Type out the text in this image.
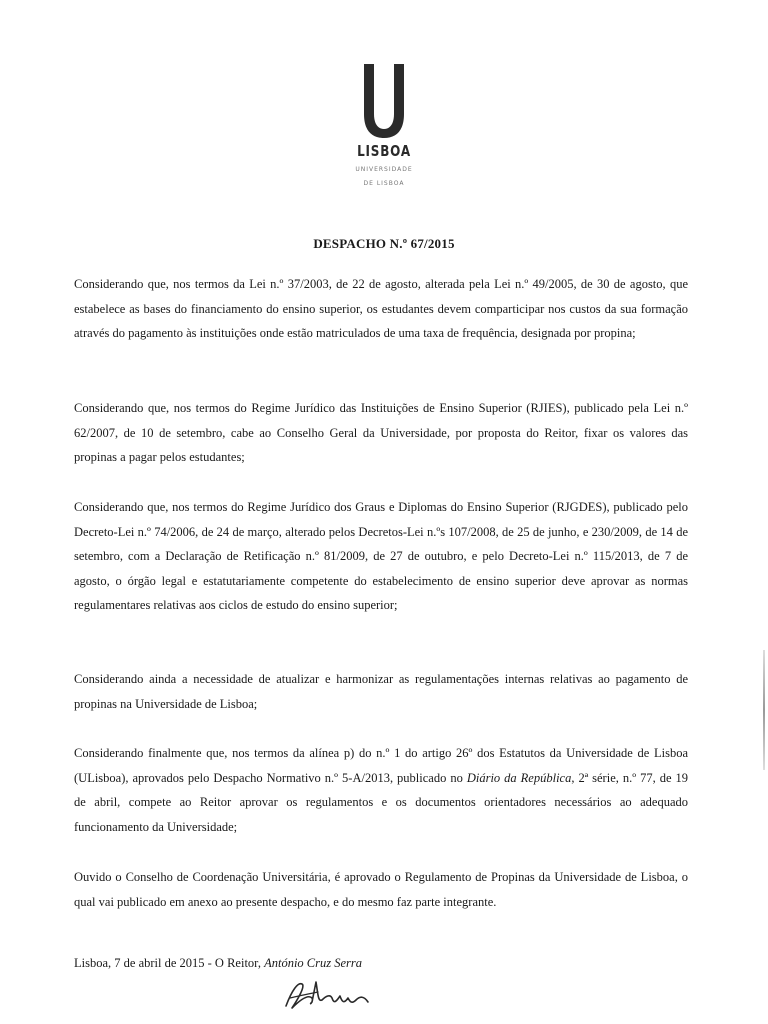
LISBOA
UNIVERSIDADE
DE LISBOA
DESPACHO N.º 67/2015
Considerando que, nos termos da Lei n.º 37/2003, de 22 de agosto, alterada pela Lei n.º 49/2005, de 30 de agosto, que estabelece as bases do financiamento do ensino superior, os estudantes devem comparticipar nos custos da sua formação através do pagamento às instituições onde estão matriculados de uma taxa de frequência, designada por propina;
Considerando que, nos termos do Regime Jurídico das Instituições de Ensino Superior (RJIES), publicado pela Lei n.º 62/2007, de 10 de setembro, cabe ao Conselho Geral da Universidade, por proposta do Reitor, fixar os valores das propinas a pagar pelos estudantes;
Considerando que, nos termos do Regime Jurídico dos Graus e Diplomas do Ensino Superior (RJGDES), publicado pelo Decreto-Lei n.º 74/2006, de 24 de março, alterado pelos Decretos-Lei n.ºs 107/2008, de 25 de junho, e 230/2009, de 14 de setembro, com a Declaração de Retificação n.º 81/2009, de 27 de outubro, e pelo Decreto-Lei n.º 115/2013, de 7 de agosto, o órgão legal e estatutariamente competente do estabelecimento de ensino superior deve aprovar as normas regulamentares relativas aos ciclos de estudo do ensino superior;
Considerando ainda a necessidade de atualizar e harmonizar as regulamentações internas relativas ao pagamento de propinas na Universidade de Lisboa;
Considerando finalmente que, nos termos da alínea p) do n.º 1 do artigo 26º dos Estatutos da Universidade de Lisboa (ULisboa), aprovados pelo Despacho Normativo n.º 5-A/2013, publicado no Diário da República, 2ª série, n.º 77, de 19 de abril, compete ao Reitor aprovar os regulamentos e os documentos orientadores necessários ao adequado funcionamento da Universidade;
Ouvido o Conselho de Coordenação Universitária, é aprovado o Regulamento de Propinas da Universidade de Lisboa, o qual vai publicado em anexo ao presente despacho, e do mesmo faz parte integrante.
Lisboa, 7 de abril de 2015 - O Reitor, António Cruz Serra
